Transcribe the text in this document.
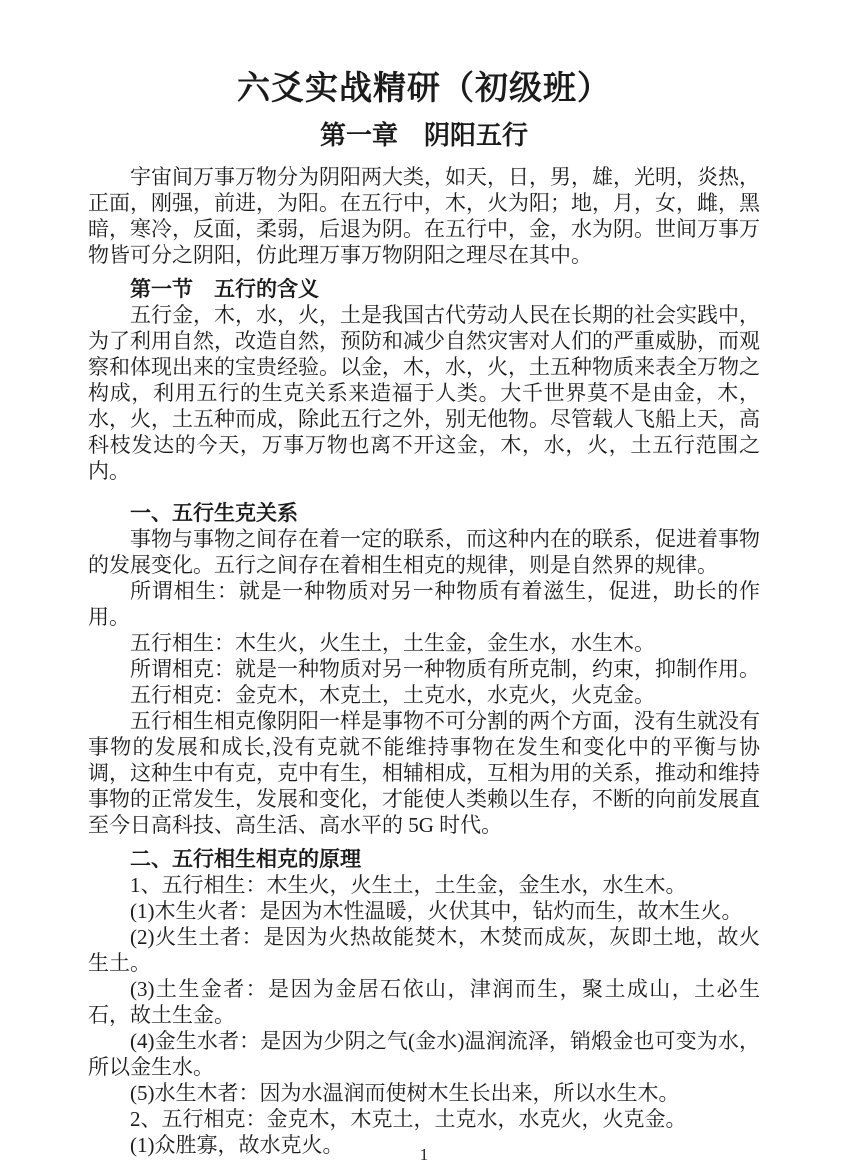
六爻实战精研（初级班）
第一章　阴阳五行

宇宙间万事万物分为阴阳两大类，如天，日，男，雄，光明，炎热，正面，刚强，前进，为阳。在五行中，木，火为阳；地，月，女，雌，黑暗，寒冷，反面，柔弱，后退为阴。在五行中，金，水为阴。世间万事万物皆可分之阴阳，仿此理万事万物阴阳之理尽在其中。

第一节　五行的含义

五行金，木，水，火，土是我国古代劳动人民在长期的社会实践中，为了利用自然，改造自然，预防和减少自然灾害对人们的严重威胁，而观察和体现出来的宝贵经验。以金，木，水，火，土五种物质来表全万物之构成，利用五行的生克关系来造福于人类。大千世界莫不是由金，木，水，火，土五种而成，除此五行之外，别无他物。尽管载人飞船上天，高科枝发达的今天，万事万物也离不开这金，木，水，火，土五行范围之内。

一、五行生克关系

事物与事物之间存在着一定的联系，而这种内在的联系，促进着事物的发展变化。五行之间存在着相生相克的规律，则是自然界的规律。

所谓相生：就是一种物质对另一种物质有着滋生，促进，助长的作用。

五行相生：木生火，火生土，土生金，金生水，水生木。

所谓相克：就是一种物质对另一种物质有所克制，约束，抑制作用。

五行相克：金克木，木克土，土克水，水克火，火克金。

五行相生相克像阴阳一样是事物不可分割的两个方面，没有生就没有事物的发展和成长,没有克就不能维持事物在发生和变化中的平衡与协调，这种生中有克，克中有生，相辅相成，互相为用的关系，推动和维持事物的正常发生，发展和变化，才能使人类赖以生存，不断的向前发展直至今日高科技、高生活、高水平的 5G 时代。

二、五行相生相克的原理

1、五行相生：木生火，火生土，土生金，金生水，水生木。

(1)木生火者：是因为木性温暖，火伏其中，钻灼而生，故木生火。

(2)火生土者：是因为火热故能焚木，木焚而成灰，灰即土地，故火生土。

(3)土生金者：是因为金居石依山，津润而生，聚土成山，土必生石，故土生金。

(4)金生水者：是因为少阴之气(金水)温润流泽，销煅金也可变为水，所以金生水。

(5)水生木者：因为水温润而使树木生长出来，所以水生木。

2、五行相克：金克木，木克土，土克水，水克火，火克金。

(1)众胜寡，故水克火。	1
